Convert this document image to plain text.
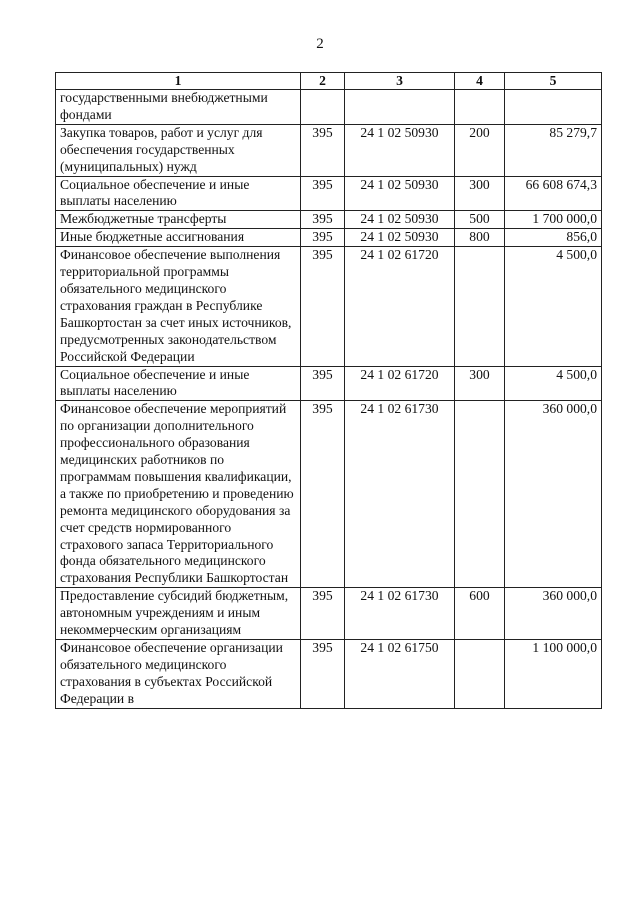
2
1	2	3	4	5
государственными внебюджетными фондами				
Закупка товаров, работ и услуг для обеспечения государственных (муниципальных) нужд	395	24 1 02 50930	200	85 279,7
Социальное обеспечение и иные выплаты населению	395	24 1 02 50930	300	66 608 674,3
Межбюджетные трансферты	395	24 1 02 50930	500	1 700 000,0
Иные бюджетные ассигнования	395	24 1 02 50930	800	856,0
Финансовое обеспечение выполнения территориальной программы обязательного медицинского страхования граждан в Республике Башкортостан за счет иных источников, предусмотренных законодательством Российской Федерации	395	24 1 02 61720		4 500,0
Социальное обеспечение и иные выплаты населению	395	24 1 02 61720	300	4 500,0
Финансовое обеспечение мероприятий по организации дополнительного профессионального образования медицинских работников по программам повышения квалификации, а также по приобретению и проведению ремонта медицинского оборудования за счет средств нормированного страхового запаса Территориального фонда обязательного медицинского страхования Республики Башкортостан	395	24 1 02 61730		360 000,0
Предоставление субсидий бюджетным, автономным учреждениям и иным некоммерческим организациям	395	24 1 02 61730	600	360 000,0
Финансовое обеспечение организации обязательного медицинского страхования в субъектах Российской Федерации в	395	24 1 02 61750		1 100 000,0
